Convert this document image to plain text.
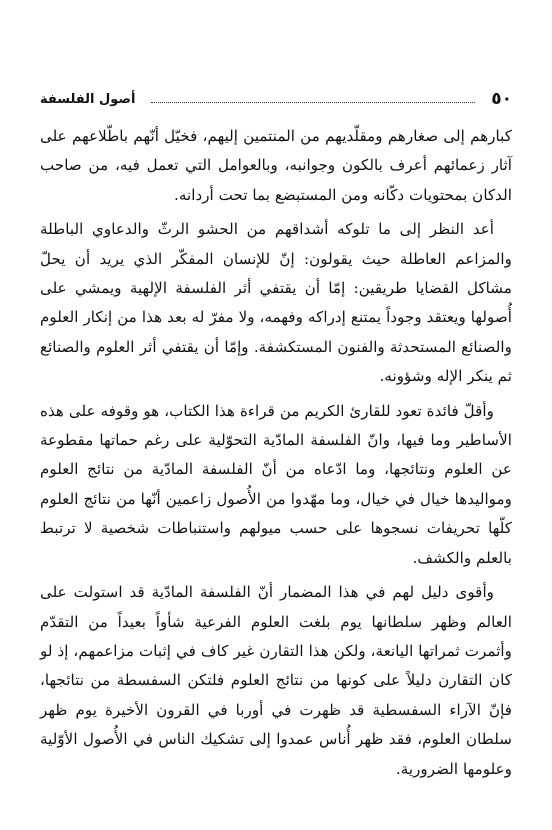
٥٠
أصول الفلسفة

كبارهم إلى صغارهم ومقلّديهم من المنتمين إليهم، فخيّل أنّهم باطّلاعهم على آثار زعمائهم أعرف بالكون وجوانبه، وبالعوامل التي تعمل فيه، من صاحب الدكان بمحتويات دكّانه ومن المستبضع بما تحت أردانه.

أعد النظر إلى ما تلوكه أشداقهم من الحشو الرثّ والدعاوي الباطلة والمزاعم العاطلة حيث يقولون: إنّ للإنسان المفكّر الذي يريد أن يحلّ مشاكل القضايا طريقين: إمّا أن يقتفي أثر الفلسفة الإلهية ويمشي على أُصولها ويعتقد وجوداً يمتنع إدراكه وفهمه، ولا مفرّ له بعد هذا من إنكار العلوم والصنائع المستحدثة والفنون المستكشفة. وإمّا أن يقتفي أثر العلوم والصنائع ثم ينكر الإله وشؤونه.

وأقلّ فائدة تعود للقارئ الكريم من قراءة هذا الكتاب، هو وقوفه على هذه الأساطير وما فيها، وانّ الفلسفة المادّية التحوّلية على رغم حماتها مقطوعة عن العلوم ونتائجها، وما ادّعاه من أنّ الفلسفة المادّية من نتائج العلوم ومواليدها خيال في خيال، وما مهّدوا من الأُصول زاعمين أنّها من نتائج العلوم كلّها تحريفات نسجوها على حسب ميولهم واستنباطات شخصية لا ترتبط بالعلم والكشف.

وأقوى دليل لهم في هذا المضمار أنّ الفلسفة المادّية قد استولت على العالم وظهر سلطانها يوم بلغت العلوم الفرعية شأواً بعيداً من التقدّم وأثمرت ثمراتها اليانعة، ولكن هذا التقارن غير كاف في إثبات مزاعمهم، إذ لو كان التقارن دليلاً على كونها من نتائج العلوم فلتكن السفسطة من نتائجها، فإنّ الآراء السفسطية قد ظهرت في أوربا في القرون الأخيرة يوم ظهر سلطان العلوم، فقد ظهر أُناس عمدوا إلى تشكيك الناس في الأُصول الأوّلية وعلومها الضرورية.
